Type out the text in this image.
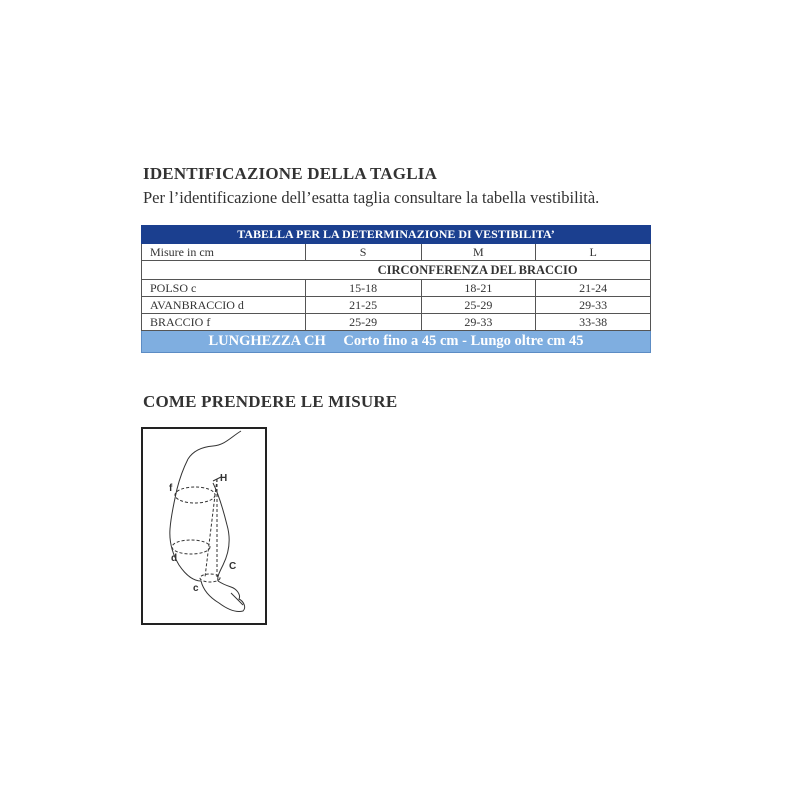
IDENTIFICAZIONE DELLA TAGLIA

Per l’identificazione dell’esatta taglia consultare la tabella vestibilità.

TABELLA PER LA DETERMINAZIONE DI VESTIBILITA’			
Misure in cm	S	M	L
	CIRCONFERENZA DEL BRACCIO		
POLSO c	15-18	18-21	21-24
AVANBRACCIO d	21-25	25-29	29-33
BRACCIO f	25-29	29-33	33-38
LUNGHEZZA CH Corto fino a 45 cm - Lungo oltre cm 45			
COME PRENDERE LE MISURE
f
H
d
C
c
